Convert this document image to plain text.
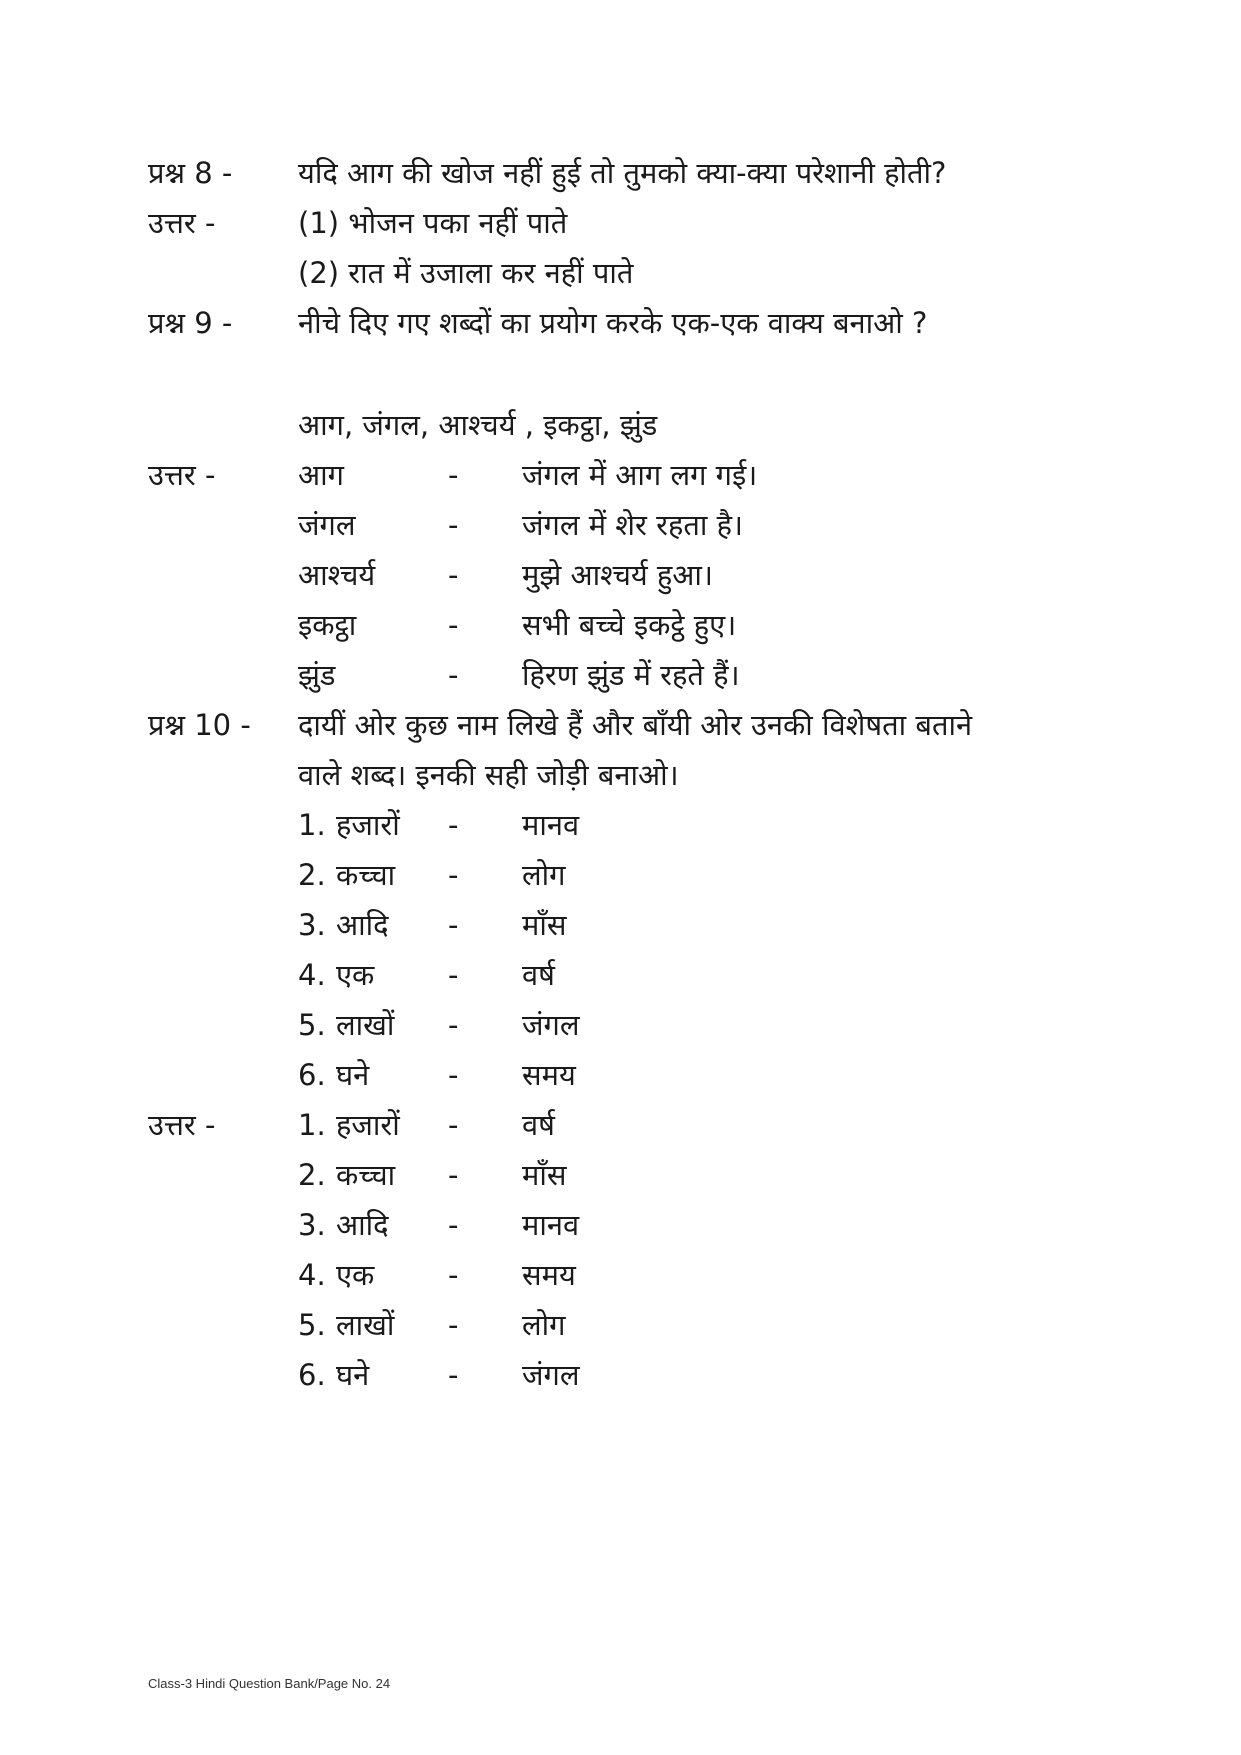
प्रश्न 8 - यदि आग की खोज नहीं हुई तो तुमको क्या-क्या परेशानी होती?
उत्तर -	(1) भोजन पका नहीं पाते
(2) रात में उजाला कर नहीं पाते
प्रश्न 9 - नीचे दिए गए शब्दों का प्रयोग करके एक-एक वाक्य बनाओ ?
आग, जंगल, आश्चर्य , इकट्ठा, झुंड
उत्तर -	आग	- जंगल में आग लग गई।
जंगल	- जंगल में शेर रहता है।
आश्चर्य	- मुझे आश्चर्य हुआ।
इकट्ठा	- सभी बच्चे इकट्ठे हुए।
झुंड	- हिरण झुंड में रहते हैं।
प्रश्न 10 - दायीं ओर कुछ नाम लिखे हैं और बाँयी ओर उनकी विशेषता बताने
वाले शब्द। इनकी सही जोड़ी बनाओ।
1. हजारों - मानव
2. कच्चा - लोग
3. आदि - माँस
4. एक	- वर्ष
5. लाखों - जंगल
6. घने	- समय
उत्तर -	1. हजारों - वर्ष
2. कच्चा - माँस
3. आदि - मानव
4. एक	- समय
5. लाखों - लोग
6. घने	- जंगल
Class-3 Hindi Question Bank/Page No. 24
